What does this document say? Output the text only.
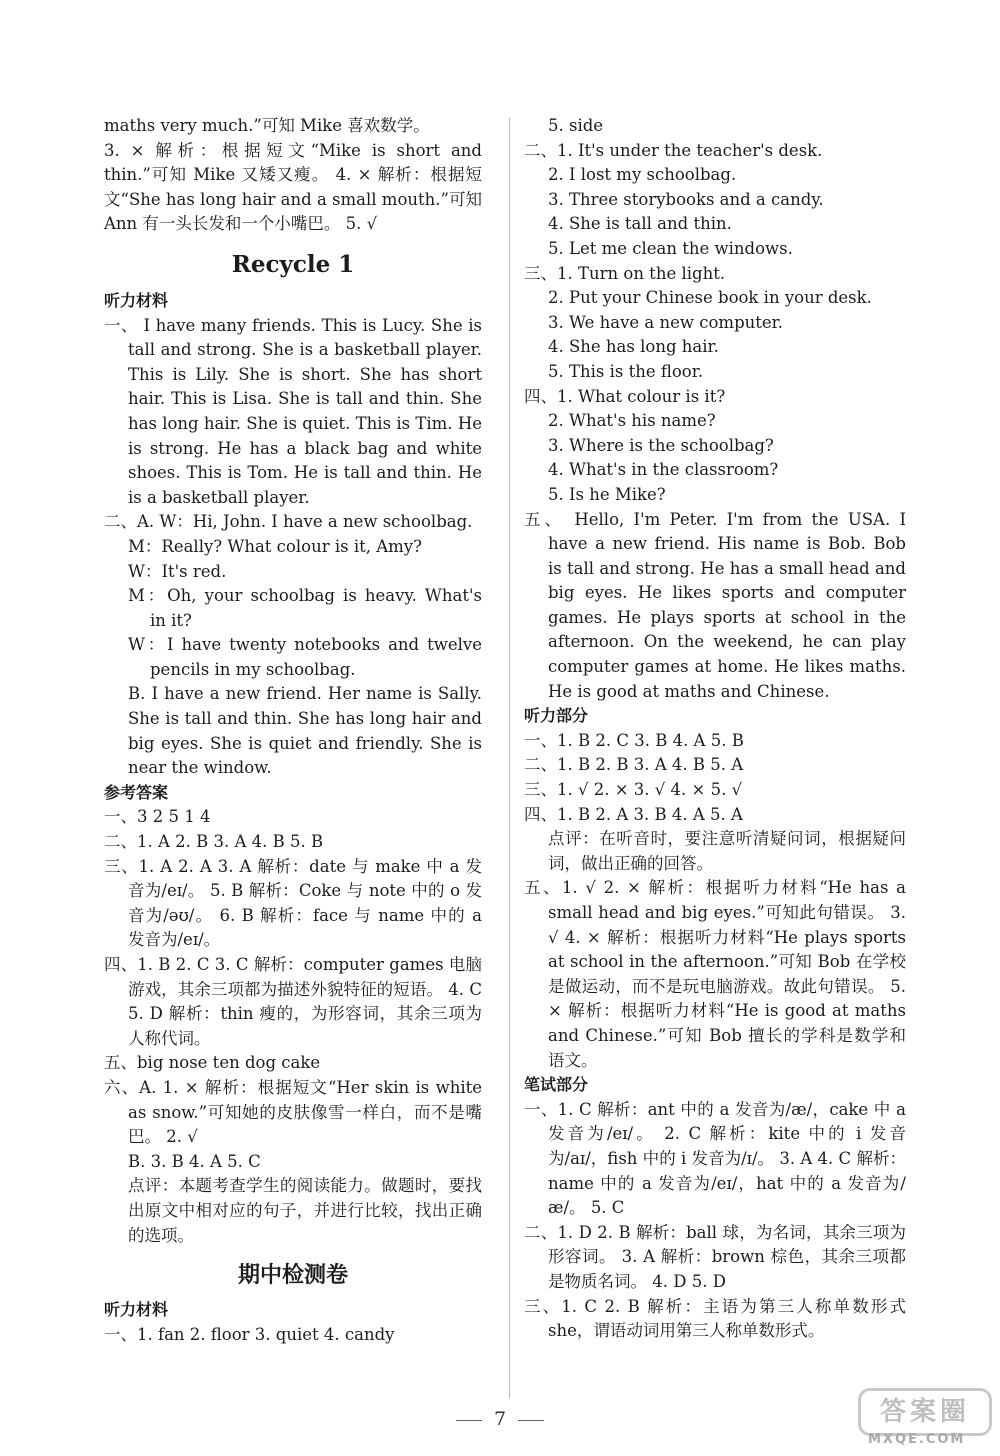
maths very much.”可知 Mike 喜欢数学。

3. × 解析：根据短文“Mike is short and thin.”可知 Mike 又矮又瘦。 4. × 解析：根据短文“She has long hair and a small mouth.”可知 Ann 有一头长发和一个小嘴巴。 5. √

Recycle 1
听力材料

一、 I have many friends. This is Lucy. She is tall and strong. She is a basketball player. This is Lily. She is short. She has short hair. This is Lisa. She is tall and thin. She has long hair. She is quiet. This is Tim. He is strong. He has a black bag and white shoes. This is Tom. He is tall and thin. He is a basketball player.

二、A. W：Hi, John. I have a new schoolbag.

M：Really? What colour is it, Amy?

W：It's red.

M：Oh, your schoolbag is heavy. What's in it?

W：I have twenty notebooks and twelve pencils in my schoolbag.

B. I have a new friend. Her name is Sally. She is tall and thin. She has long hair and big eyes. She is quiet and friendly. She is near the window.

参考答案

一、3 2 5 1 4

二、1. A 2. B 3. A 4. B 5. B

三、1. A 2. A 3. A 解析：date 与 make 中 a 发音为/eɪ/。 5. B 解析：Coke 与 note 中的 o 发音为/əʊ/。 6. B 解析：face 与 name 中的 a 发音为/eɪ/。

四、1. B 2. C 3. C 解析：computer games 电脑游戏，其余三项都为描述外貌特征的短语。 4. C 5. D 解析：thin 瘦的，为形容词，其余三项为人称代词。

五、big nose ten dog cake

六、A. 1. × 解析：根据短文“Her skin is white as snow.”可知她的皮肤像雪一样白，而不是嘴巴。 2. √

B. 3. B 4. A 5. C

点评：本题考查学生的阅读能力。做题时，要找出原文中相对应的句子，并进行比较，找出正确的选项。

期中检测卷
听力材料

一、1. fan 2. floor 3. quiet 4. candy

5. side

二、1. It's under the teacher's desk.

2. I lost my schoolbag.

3. Three storybooks and a candy.

4. She is tall and thin.

5. Let me clean the windows.

三、1. Turn on the light.

2. Put your Chinese book in your desk.

3. We have a new computer.

4. She has long hair.

5. This is the floor.

四、1. What colour is it?

2. What's his name?

3. Where is the schoolbag?

4. What's in the classroom?

5. Is he Mike?

五、 Hello, I'm Peter. I'm from the USA. I have a new friend. His name is Bob. Bob is tall and strong. He has a small head and big eyes. He likes sports and computer games. He plays sports at school in the afternoon. On the weekend, he can play computer games at home. He likes maths. He is good at maths and Chinese.

听力部分

一、1. B 2. C 3. B 4. A 5. B

二、1. B 2. B 3. A 4. B 5. A

三、1. √ 2. × 3. √ 4. × 5. √

四、1. B 2. A 3. B 4. A 5. A

点评：在听音时，要注意听清疑问词，根据疑问词，做出正确的回答。

五、1. √ 2. × 解析：根据听力材料“He has a small head and big eyes.”可知此句错误。 3. √ 4. × 解析：根据听力材料“He plays sports at school in the afternoon.”可知 Bob 在学校是做运动，而不是玩电脑游戏。故此句错误。 5. × 解析：根据听力材料“He is good at maths and Chinese.”可知 Bob 擅长的学科是数学和语文。

笔试部分

一、1. C 解析：ant 中的 a 发音为/æ/，cake 中 a 发音为/eɪ/。 2. C 解析：kite 中的 i 发音为/aɪ/，fish 中的 i 发音为/ɪ/。 3. A 4. C 解析：name 中的 a 发音为/eɪ/，hat 中的 a 发音为/æ/。 5. C

二、1. D 2. B 解析：ball 球，为名词，其余三项为形容词。 3. A 解析：brown 棕色，其余三项都是物质名词。 4. D 5. D

三、1. C 2. B 解析：主语为第三人称单数形式 she，谓语动词用第三人称单数形式。

7	答案圈
MXQE.COM
